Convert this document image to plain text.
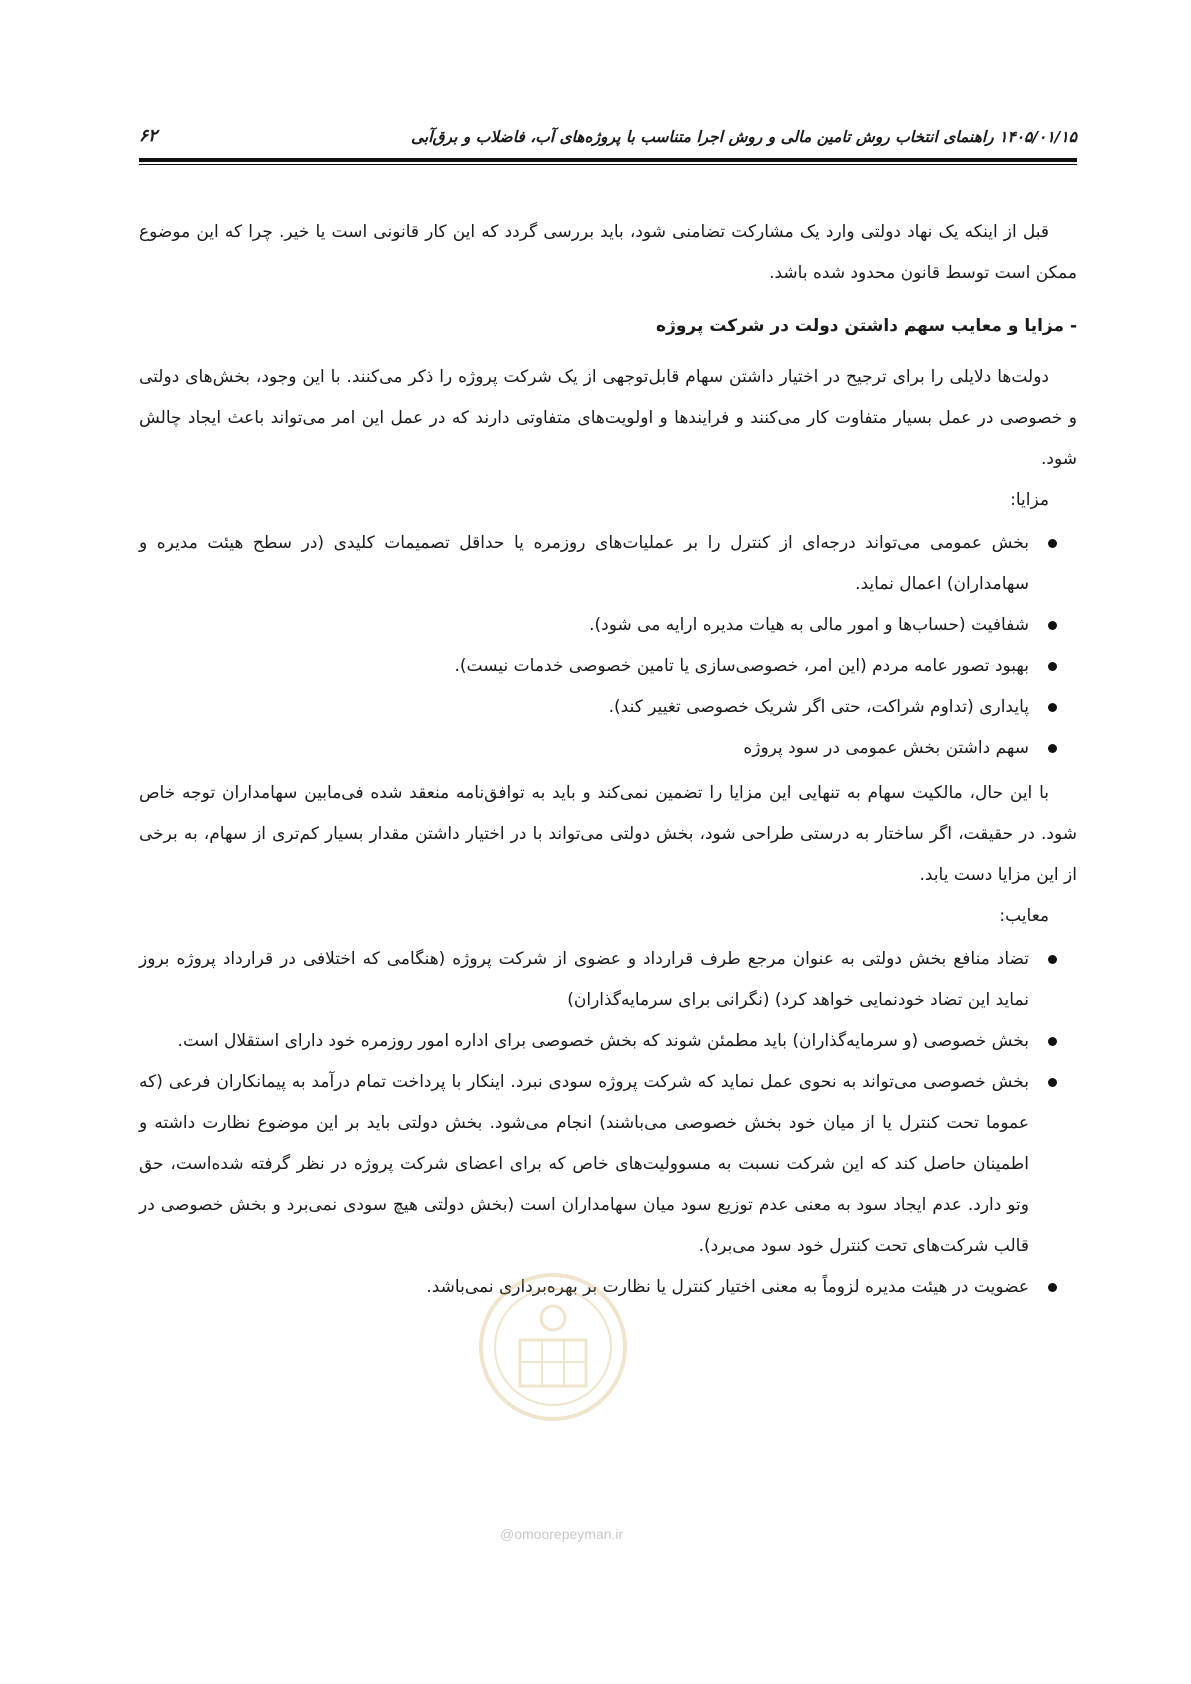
۱۴۰۵/۰۱/۱۵ راهنمای انتخاب روش تامین مالی و روش اجرا متناسب با پروژه‌های آب، فاضلاب و برق‌آبی
۶۲

قبل از اینکه یک نهاد دولتی وارد یک مشارکت تضامنی شود، باید بررسی گردد که این کار قانونی است یا خیر. چرا که این موضوع ممکن است توسط قانون محدود شده باشد.

- مزایا و معایب سهم داشتن دولت در شرکت پروژه

دولت‌ها دلایلی را برای ترجیح در اختیار داشتن سهام قابل‌توجهی از یک شرکت پروژه را ذکر می‌کنند. با این وجود، بخش‌های دولتی و خصوصی در عمل بسیار متفاوت کار می‌کنند و فرایندها و اولویت‌های متفاوتی دارند که در عمل این امر می‌تواند باعث ایجاد چالش شود.

مزایا:

بخش عمومی می‌تواند درجه‌ای از کنترل را بر عملیات‌های روزمره یا حداقل تصمیمات کلیدی (در سطح هیئت مدیره و سهامداران) اعمال نماید.
شفافیت (حساب‌ها و امور مالی به هیات مدیره ارایه می شود).
بهبود تصور عامه مردم (این امر، خصوصی‌سازی یا تامین خصوصی خدمات نیست).
پایداری (تداوم شراکت، حتی اگر شریک خصوصی تغییر کند).
سهم داشتن بخش عمومی در سود پروژه

با این حال، مالکیت سهام به تنهایی این مزایا را تضمین نمی‌کند و باید به توافق‌نامه منعقد شده فی‌مابین سهامداران توجه خاص شود. در حقیقت، اگر ساختار به درستی طراحی شود، بخش دولتی می‌تواند با در اختیار داشتن مقدار بسیار کم‌تری از سهام، به برخی از این مزایا دست یابد.

معایب:

تضاد منافع بخش دولتی به عنوان مرجع طرف قرارداد و عضوی از شرکت پروژه (هنگامی که اختلافی در قرارداد پروژه بروز نماید این تضاد خودنمایی خواهد کرد) (نگرانی برای سرمایه‌گذاران)
بخش خصوصی (و سرمایه‌گذاران) باید مطمئن شوند که بخش خصوصی برای اداره امور روزمره خود دارای استقلال است.
بخش خصوصی می‌تواند به نحوی عمل نماید که شرکت پروژه سودی نبرد. اینکار با پرداخت تمام درآمد به پیمانکاران فرعی (که عموما تحت کنترل یا از میان خود بخش خصوصی می‌باشند) انجام می‌شود. بخش دولتی باید بر این موضوع نظارت داشته و اطمینان حاصل کند که این شرکت نسبت به مسوولیت‌های خاص که برای اعضای شرکت پروژه در نظر گرفته شده‌است، حق وتو دارد. عدم ایجاد سود به معنی عدم توزیع سود میان سهامداران است (بخش دولتی هیچ سودی نمی‌برد و بخش خصوصی در قالب شرکت‌های تحت کنترل خود سود می‌برد).
عضویت در هیئت مدیره لزوماً به معنی اختیار کنترل یا نظارت بر بهره‌برداری نمی‌باشد.
@omoorepeyman.ir
